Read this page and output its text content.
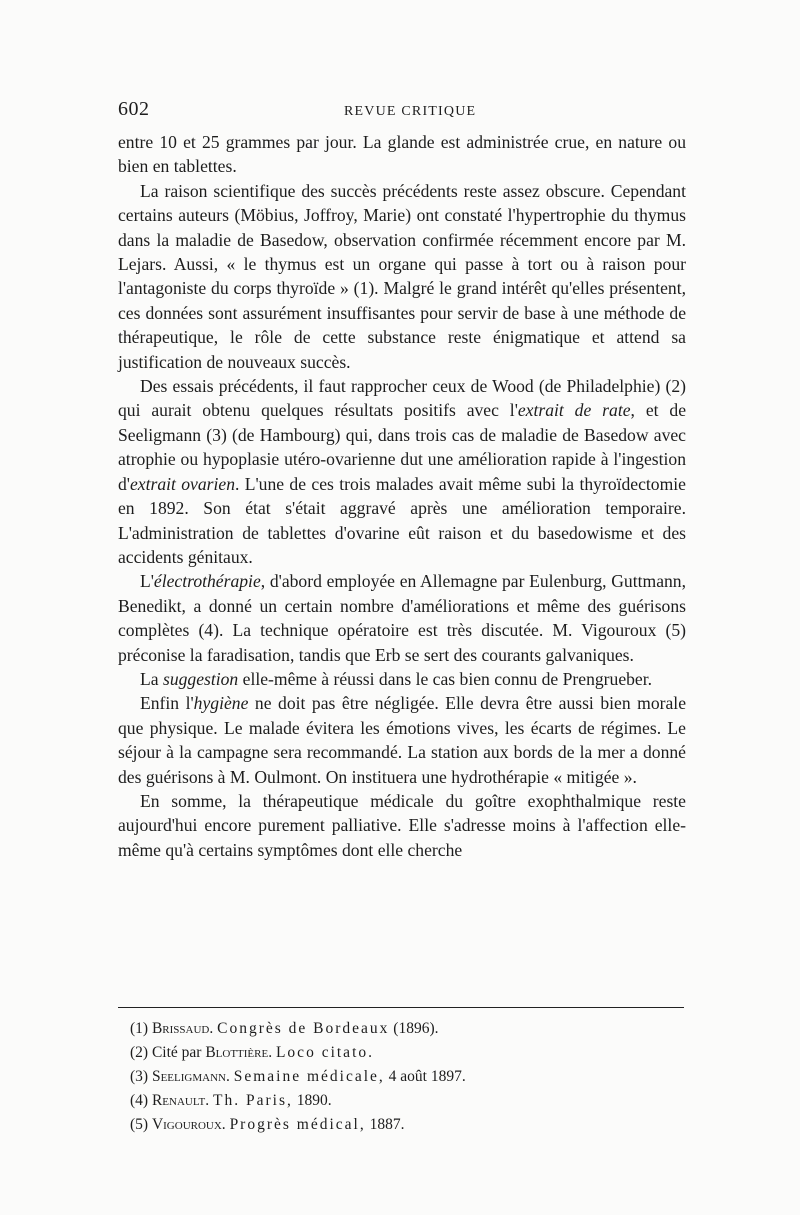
602	REVUE CRITIQUE

entre 10 et 25 grammes par jour. La glande est administrée crue, en nature ou bien en tablettes.

La raison scientifique des succès précédents reste assez obscure. Cependant certains auteurs (Möbius, Joffroy, Marie) ont constaté l'hypertrophie du thymus dans la maladie de Basedow, observation confirmée récemment encore par M. Lejars. Aussi, « le thymus est un organe qui passe à tort ou à raison pour l'antagoniste du corps thyroïde » (1). Malgré le grand intérêt qu'elles présentent, ces données sont assurément insuffisantes pour servir de base à une méthode de thérapeutique, le rôle de cette substance reste énigmatique et attend sa justification de nouveaux succès.

Des essais précédents, il faut rapprocher ceux de Wood (de Philadelphie) (2) qui aurait obtenu quelques résultats positifs avec l'extrait de rate, et de Seeligmann (3) (de Hambourg) qui, dans trois cas de maladie de Basedow avec atrophie ou hypoplasie utéro-ovarienne dut une amélioration rapide à l'ingestion d'extrait ovarien. L'une de ces trois malades avait même subi la thyroïdectomie en 1892. Son état s'était aggravé après une amélioration temporaire. L'administration de tablettes d'ovarine eût raison et du basedowisme et des accidents génitaux.

L'électrothérapie, d'abord employée en Allemagne par Eulenburg, Guttmann, Benedikt, a donné un certain nombre d'améliorations et même des guérisons complètes (4). La technique opératoire est très discutée. M. Vigouroux (5) préconise la faradisation, tandis que Erb se sert des courants galvaniques.

La suggestion elle-même à réussi dans le cas bien connu de Prengrueber.

Enfin l'hygiène ne doit pas être négligée. Elle devra être aussi bien morale que physique. Le malade évitera les émotions vives, les écarts de régimes. Le séjour à la campagne sera recommandé. La station aux bords de la mer a donné des guérisons à M. Oulmont. On instituera une hydrothérapie « mitigée ».

En somme, la thérapeutique médicale du goître exophthalmique reste aujourd'hui encore purement palliative. Elle s'adresse moins à l'affection elle-même qu'à certains symptômes dont elle cherche

(1) Brissaud. Congrès de Bordeaux (1896).
(2) Cité par Blottière. Loco citato.
(3) Seeligmann. Semaine médicale, 4 août 1897.
(4) Renault. Th. Paris, 1890.
(5) Vigouroux. Progrès médical, 1887.
